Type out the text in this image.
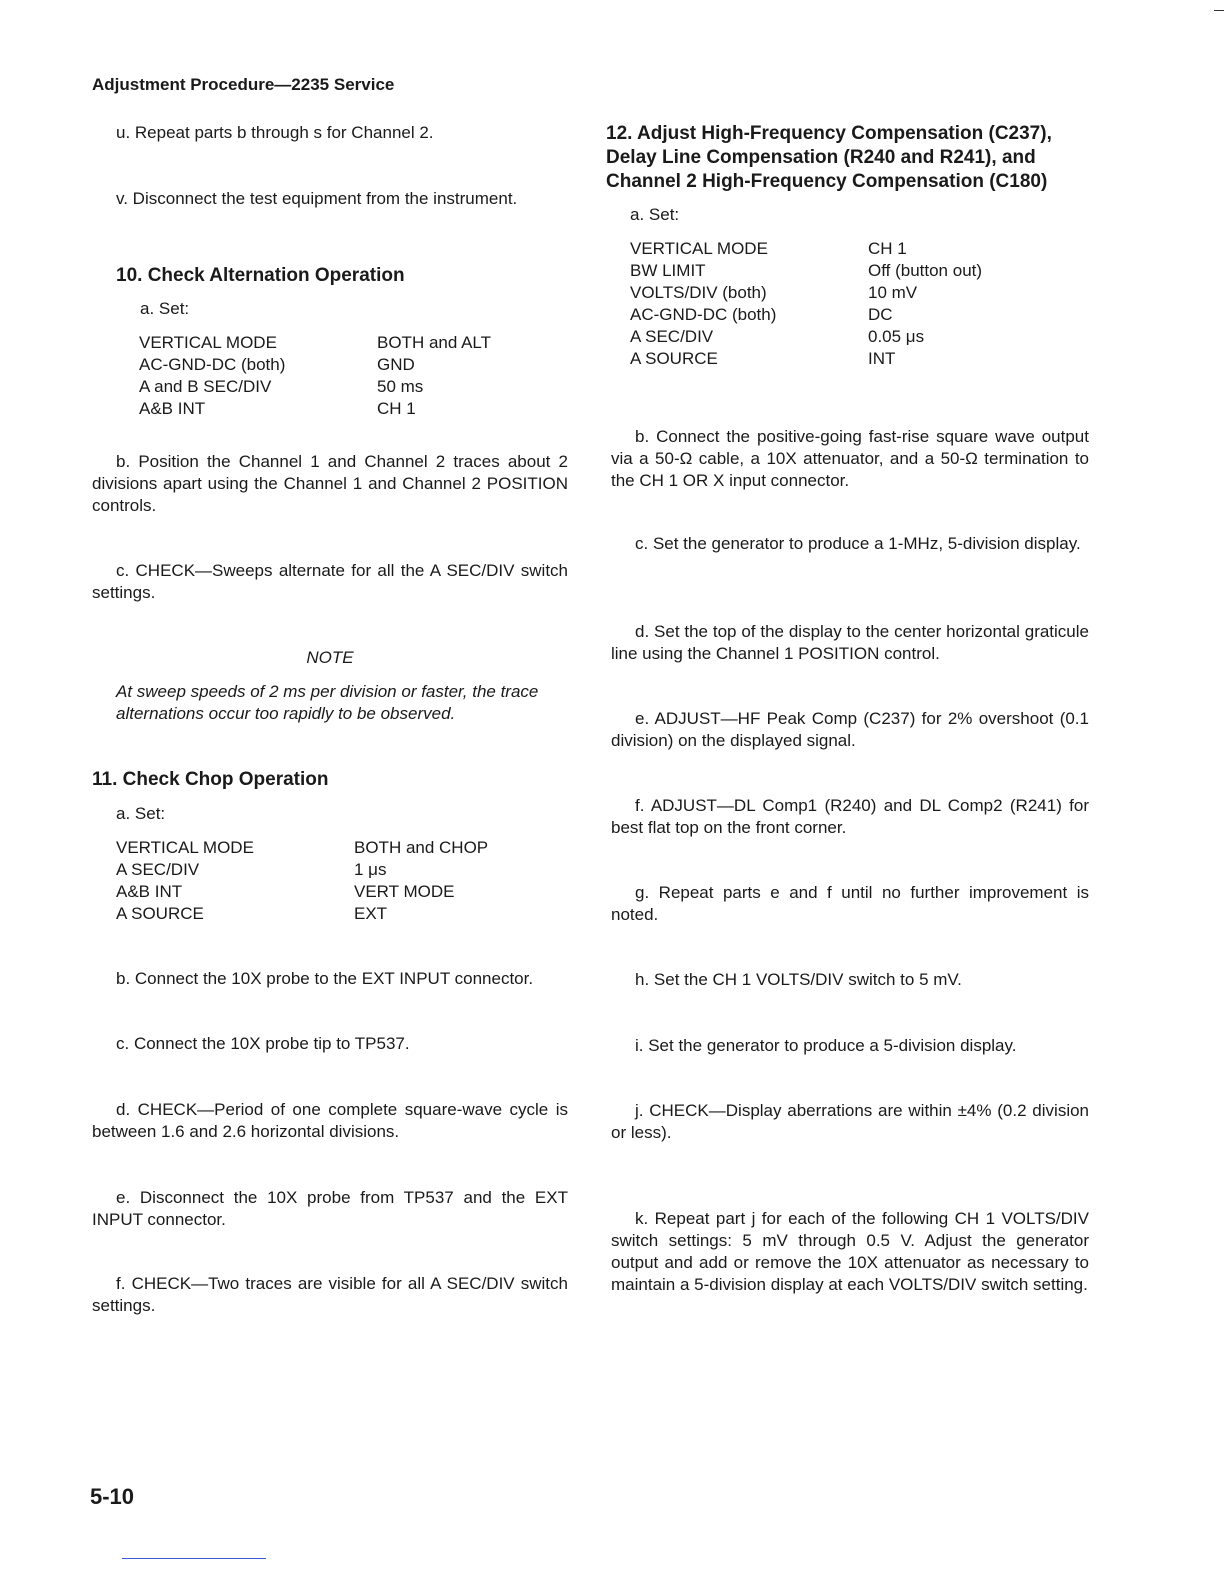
Adjustment Procedure—2235 Service

u. Repeat parts b through s for Channel 2.

v. Disconnect the test equipment from the instrument.

10. Check Alternation Operation
a. Set:
VERTICAL MODE	BOTH and ALT
AC-GND-DC (both)	GND
A and B SEC/DIV	50 ms
A&B INT	CH 1

b. Position the Channel 1 and Channel 2 traces about 2 divisions apart using the Channel 1 and Channel 2 POSITION controls.

c. CHECK—Sweeps alternate for all the A SEC/DIV switch settings.

NOTE
At sweep speeds of 2 ms per division or faster, the trace alternations occur too rapidly to be observed.
11. Check Chop Operation
a. Set:
VERTICAL MODE	BOTH and CHOP
A SEC/DIV	1 μs
A&B INT	VERT MODE
A SOURCE	EXT

b. Connect the 10X probe to the EXT INPUT connector.

c. Connect the 10X probe tip to TP537.

d. CHECK—Period of one complete square-wave cycle is between 1.6 and 2.6 horizontal divisions.

e. Disconnect the 10X probe from TP537 and the EXT INPUT connector.

f. CHECK—Two traces are visible for all A SEC/DIV switch settings.

12. Adjust High-Frequency Compensation (C237), Delay Line Compensation (R240 and R241), and Channel 2 High-Frequency Compensation (C180)
a. Set:
VERTICAL MODE	CH 1
BW LIMIT	Off (button out)
VOLTS/DIV (both)	10 mV
AC-GND-DC (both)	DC
A SEC/DIV	0.05 μs
A SOURCE	INT

b. Connect the positive-going fast-rise square wave output via a 50-Ω cable, a 10X attenuator, and a 50-Ω termination to the CH 1 OR X input connector.

c. Set the generator to produce a 1-MHz, 5-division display.

d. Set the top of the display to the center horizontal graticule line using the Channel 1 POSITION control.

e. ADJUST—HF Peak Comp (C237) for 2% overshoot (0.1 division) on the displayed signal.

f. ADJUST—DL Comp1 (R240) and DL Comp2 (R241) for best flat top on the front corner.

g. Repeat parts e and f until no further improvement is noted.

h. Set the CH 1 VOLTS/DIV switch to 5 mV.

i. Set the generator to produce a 5-division display.

j. CHECK—Display aberrations are within ±4% (0.2 division or less).

k. Repeat part j for each of the following CH 1 VOLTS/DIV switch settings: 5 mV through 0.5 V. Adjust the generator output and add or remove the 10X attenuator as necessary to maintain a 5-division display at each VOLTS/DIV switch setting.

5-10
